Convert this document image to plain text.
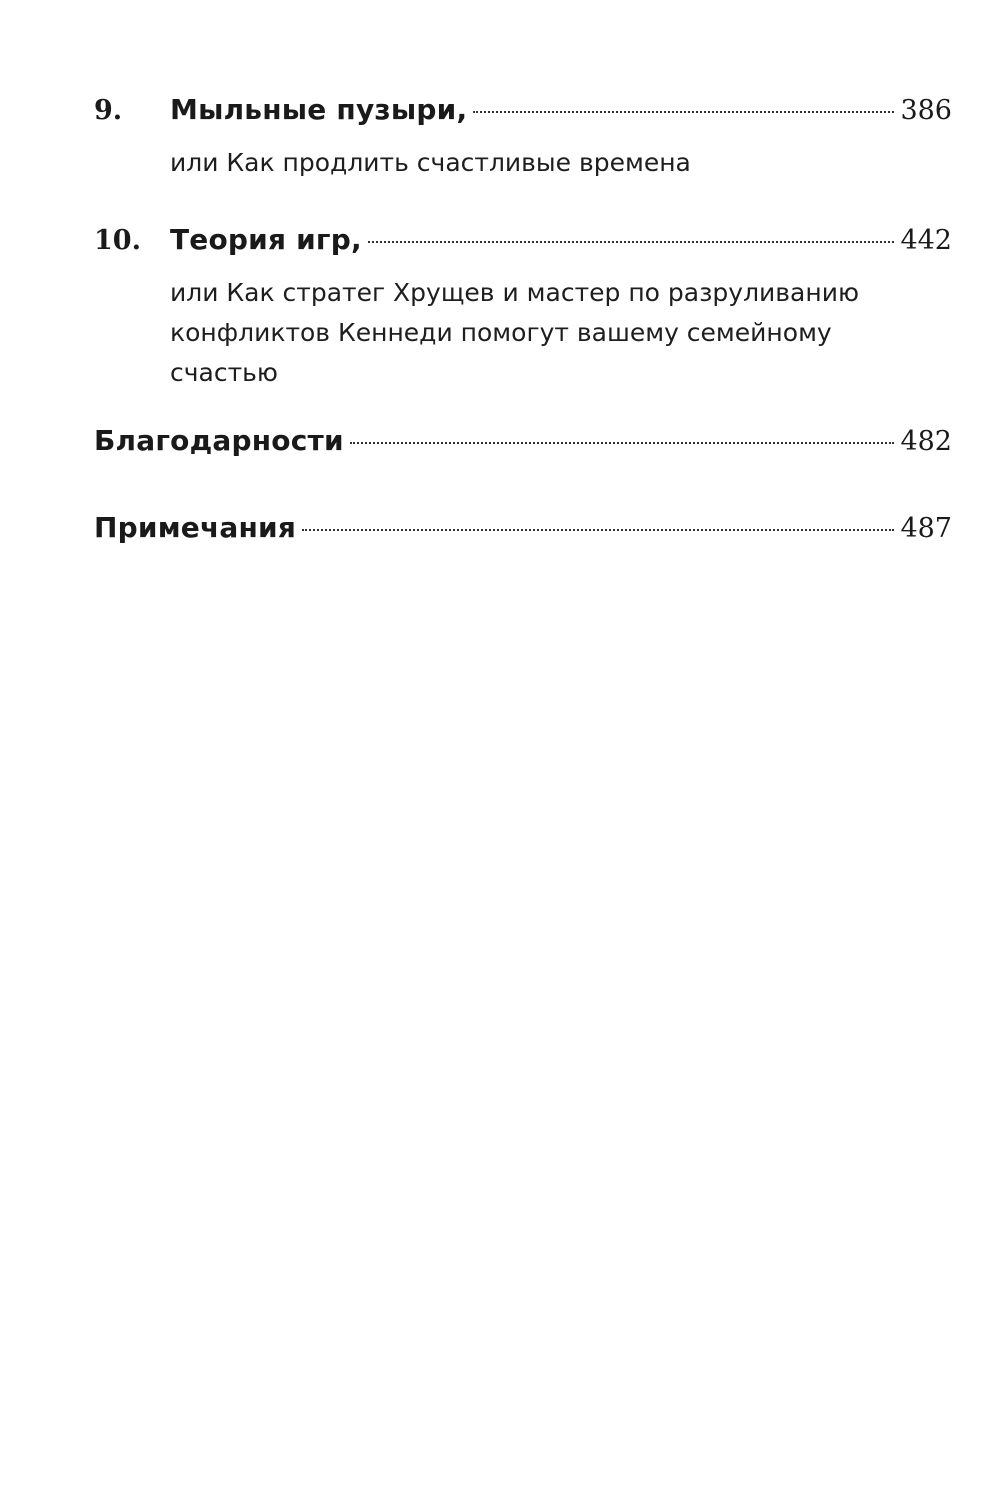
9. Мыльные пузыри,	386
или Как продлить счастливые времена
10. Теория игр,	442
или Как стратег Хрущев и мастер по разруливанию конфликтов Кеннеди помогут вашему семейному счастью
Благодарности	482
Примечания	487
